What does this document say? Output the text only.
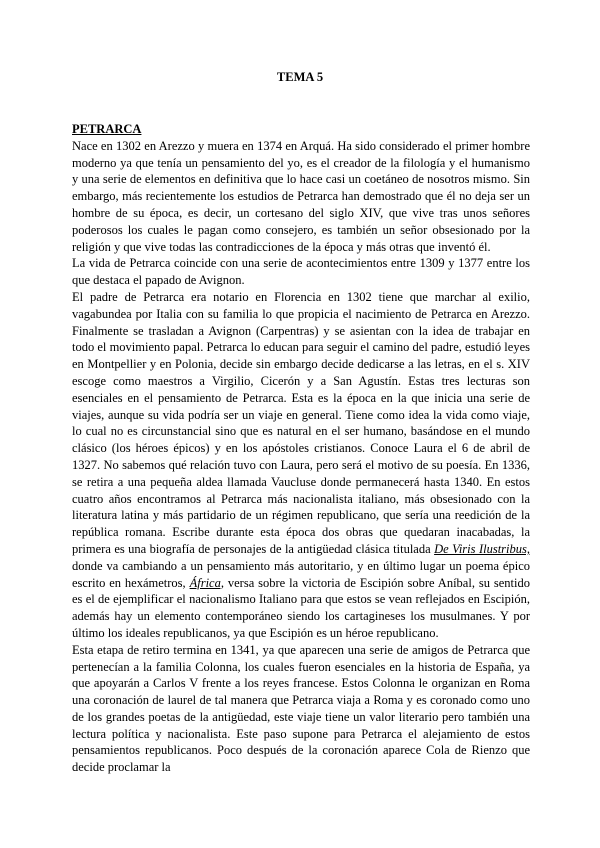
TEMA 5
PETRARCA

Nace en 1302 en Arezzo y muera en 1374 en Arquá. Ha sido considerado el primer hombre moderno ya que tenía un pensamiento del yo, es el creador de la filología y el humanismo y una serie de elementos en definitiva que lo hace casi un coetáneo de nosotros mismo. Sin embargo, más recientemente los estudios de Petrarca han demostrado que él no deja ser un hombre de su época, es decir, un cortesano del siglo XIV, que vive tras unos señores poderosos los cuales le pagan como consejero, es también un señor obsesionado por la religión y que vive todas las contradicciones de la época y más otras que inventó él.

La vida de Petrarca coincide con una serie de acontecimientos entre 1309 y 1377 entre los que destaca el papado de Avignon.

El padre de Petrarca era notario en Florencia en 1302 tiene que marchar al exilio, vagabundea por Italia con su familia lo que propicia el nacimiento de Petrarca en Arezzo. Finalmente se trasladan a Avignon (Carpentras) y se asientan con la idea de trabajar en todo el movimiento papal. Petrarca lo educan para seguir el camino del padre, estudió leyes en Montpellier y en Polonia, decide sin embargo decide dedicarse a las letras, en el s. XIV escoge como maestros a Virgilio, Cicerón y a San Agustín. Estas tres lecturas son esenciales en el pensamiento de Petrarca. Esta es la época en la que inicia una serie de viajes, aunque su vida podría ser un viaje en general. Tiene como idea la vida como viaje, lo cual no es circunstancial sino que es natural en el ser humano, basándose en el mundo clásico (los héroes épicos) y en los apóstoles cristianos. Conoce Laura el 6 de abril de 1327. No sabemos qué relación tuvo con Laura, pero será el motivo de su poesía. En 1336, se retira a una pequeña aldea llamada Vaucluse donde permanecerá hasta 1340. En estos cuatro años encontramos al Petrarca más nacionalista italiano, más obsesionado con la literatura latina y más partidario de un régimen republicano, que sería una reedición de la república romana. Escribe durante esta época dos obras que quedaran inacabadas, la primera es una biografía de personajes de la antigüedad clásica titulada De Viris Ilustribus, donde va cambiando a un pensamiento más autoritario, y en último lugar un poema épico escrito en hexámetros, África, versa sobre la victoria de Escipión sobre Aníbal, su sentido es el de ejemplificar el nacionalismo Italiano para que estos se vean reflejados en Escipión, además hay un elemento contemporáneo siendo los cartagineses los musulmanes. Y por último los ideales republicanos, ya que Escipión es un héroe republicano.

Esta etapa de retiro termina en 1341, ya que aparecen una serie de amigos de Petrarca que pertenecían a la familia Colonna, los cuales fueron esenciales en la historia de España, ya que apoyarán a Carlos V frente a los reyes francese. Estos Colonna le organizan en Roma una coronación de laurel de tal manera que Petrarca viaja a Roma y es coronado como uno de los grandes poetas de la antigüedad, este viaje tiene un valor literario pero también una lectura política y nacionalista. Este paso supone para Petrarca el alejamiento de estos pensamientos republicanos. Poco después de la coronación aparece Cola de Rienzo que decide proclamar la
